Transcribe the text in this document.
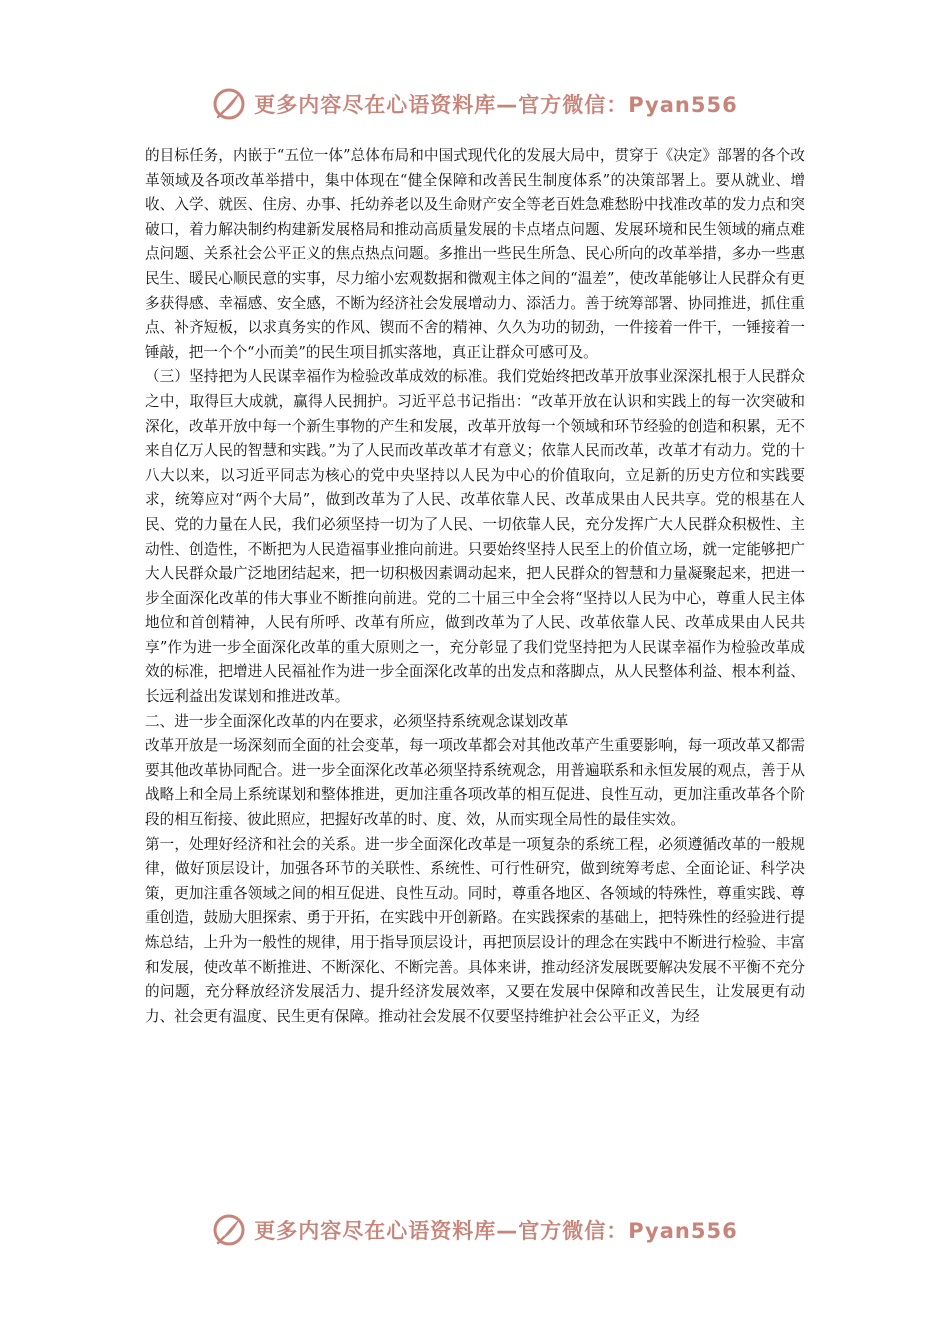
更多内容尽在心语资料库—官方微信：Pyan556

的目标任务，内嵌于“五位一体”总体布局和中国式现代化的发展大局中，贯穿于《决定》部署的各个改革领域及各项改革举措中，集中体现在“健全保障和改善民生制度体系”的决策部署上。要从就业、增收、入学、就医、住房、办事、托幼养老以及生命财产安全等老百姓急难愁盼中找准改革的发力点和突破口，着力解决制约构建新发展格局和推动高质量发展的卡点堵点问题、发展环境和民生领域的痛点难点问题、关系社会公平正义的焦点热点问题。多推出一些民生所急、民心所向的改革举措，多办一些惠民生、暖民心顺民意的实事，尽力缩小宏观数据和微观主体之间的“温差”，使改革能够让人民群众有更多获得感、幸福感、安全感，不断为经济社会发展增动力、添活力。善于统筹部署、协同推进，抓住重点、补齐短板，以求真务实的作风、锲而不舍的精神、久久为功的韧劲，一件接着一件干，一锤接着一锤敲，把一个个“小而美”的民生项目抓实落地，真正让群众可感可及。

（三）坚持把为人民谋幸福作为检验改革成效的标准。我们党始终把改革开放事业深深扎根于人民群众之中，取得巨大成就，赢得人民拥护。习近平总书记指出：“改革开放在认识和实践上的每一次突破和深化，改革开放中每一个新生事物的产生和发展，改革开放每一个领域和环节经验的创造和积累，无不来自亿万人民的智慧和实践。”为了人民而改革改革才有意义；依靠人民而改革，改革才有动力。党的十八大以来，以习近平同志为核心的党中央坚持以人民为中心的价值取向，立足新的历史方位和实践要求，统筹应对“两个大局”，做到改革为了人民、改革依靠人民、改革成果由人民共享。党的根基在人民、党的力量在人民，我们必须坚持一切为了人民、一切依靠人民，充分发挥广大人民群众积极性、主动性、创造性，不断把为人民造福事业推向前进。只要始终坚持人民至上的价值立场，就一定能够把广大人民群众最广泛地团结起来，把一切积极因素调动起来，把人民群众的智慧和力量凝聚起来，把进一步全面深化改革的伟大事业不断推向前进。党的二十届三中全会将“坚持以人民为中心，尊重人民主体地位和首创精神，人民有所呼、改革有所应，做到改革为了人民、改革依靠人民、改革成果由人民共享”作为进一步全面深化改革的重大原则之一，充分彰显了我们党坚持把为人民谋幸福作为检验改革成效的标准，把增进人民福祉作为进一步全面深化改革的出发点和落脚点，从人民整体利益、根本利益、长远利益出发谋划和推进改革。

二、进一步全面深化改革的内在要求，必须坚持系统观念谋划改革

改革开放是一场深刻而全面的社会变革，每一项改革都会对其他改革产生重要影响，每一项改革又都需要其他改革协同配合。进一步全面深化改革必须坚持系统观念，用普遍联系和永恒发展的观点，善于从战略上和全局上系统谋划和整体推进，更加注重各项改革的相互促进、良性互动，更加注重改革各个阶段的相互衔接、彼此照应，把握好改革的时、度、效，从而实现全局性的最佳实效。

第一，处理好经济和社会的关系。进一步全面深化改革是一项复杂的系统工程，必须遵循改革的一般规律，做好顶层设计，加强各环节的关联性、系统性、可行性研究，做到统筹考虑、全面论证、科学决策，更加注重各领域之间的相互促进、良性互动。同时，尊重各地区、各领域的特殊性，尊重实践、尊重创造，鼓励大胆探索、勇于开拓，在实践中开创新路。在实践探索的基础上，把特殊性的经验进行提炼总结，上升为一般性的规律，用于指导顶层设计，再把顶层设计的理念在实践中不断进行检验、丰富和发展，使改革不断推进、不断深化、不断完善。具体来讲，推动经济发展既要解决发展不平衡不充分的问题，充分释放经济发展活力、提升经济发展效率，又要在发展中保障和改善民生，让发展更有动力、社会更有温度、民生更有保障。推动社会发展不仅要坚持维护社会公平正义，为经

更多内容尽在心语资料库—官方微信：Pyan556
